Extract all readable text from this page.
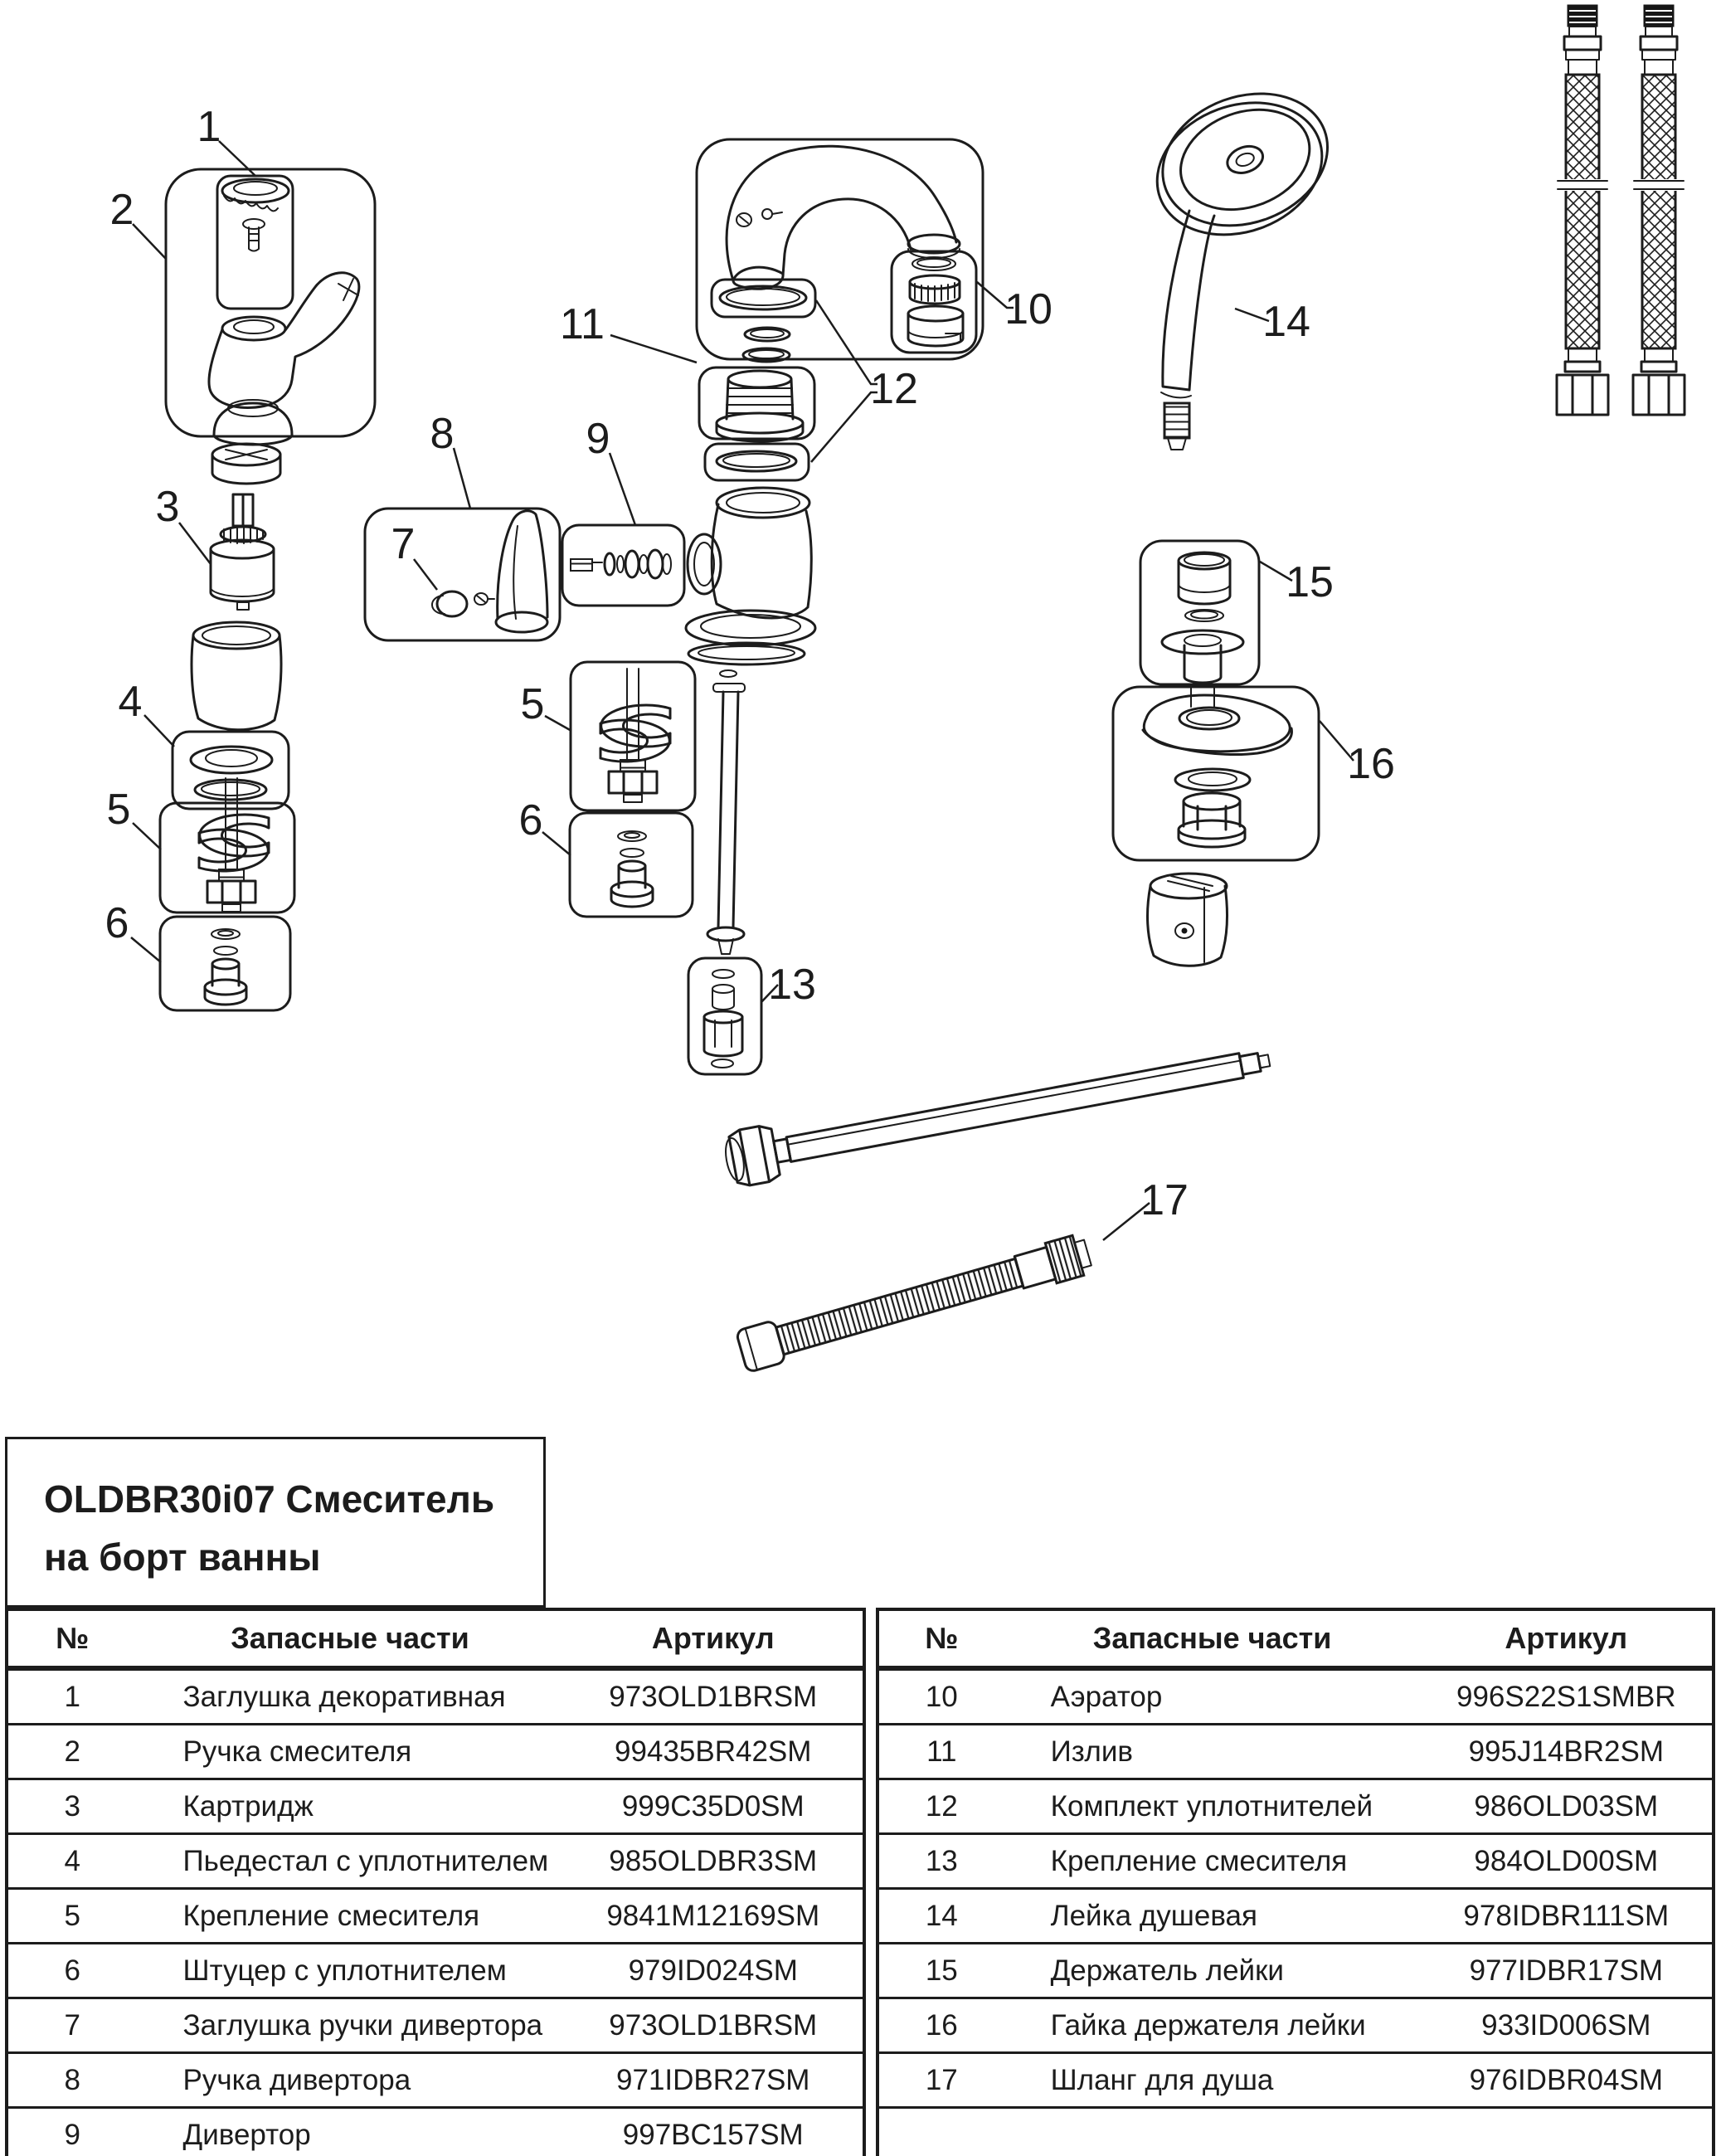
1
2
3
4
5
6
7
8	9
10
11
12
5
6
13
14
15
16
17
OLDBR30i07 Смеситель
на борт ванны
№	Запасные части	Артикул
1	Заглушка декоративная	973OLD1BRSM
2	Ручка смесителя	99435BR42SM
3	Картридж	999C35D0SM
4	Пьедестал с уплотнителем	985OLDBR3SM
5	Крепление смесителя	9841M12169SM
6	Штуцер с уплотнителем	979ID024SM
7	Заглушка ручки дивертора	973OLD1BRSM
8	Ручка дивертора	971IDBR27SM
9	Дивертор	997BC157SM
№	Запасные части	Артикул
10	Аэратор	996S22S1SMBR
11	Излив	995J14BR2SM
12	Комплект уплотнителей	986OLD03SM
13	Крепление смесителя	984OLD00SM
14	Лейка душевая	978IDBR111SM
15	Держатель лейки	977IDBR17SM
16	Гайка держателя лейки	933ID006SM
17	Шланг для душа	976IDBR04SM
